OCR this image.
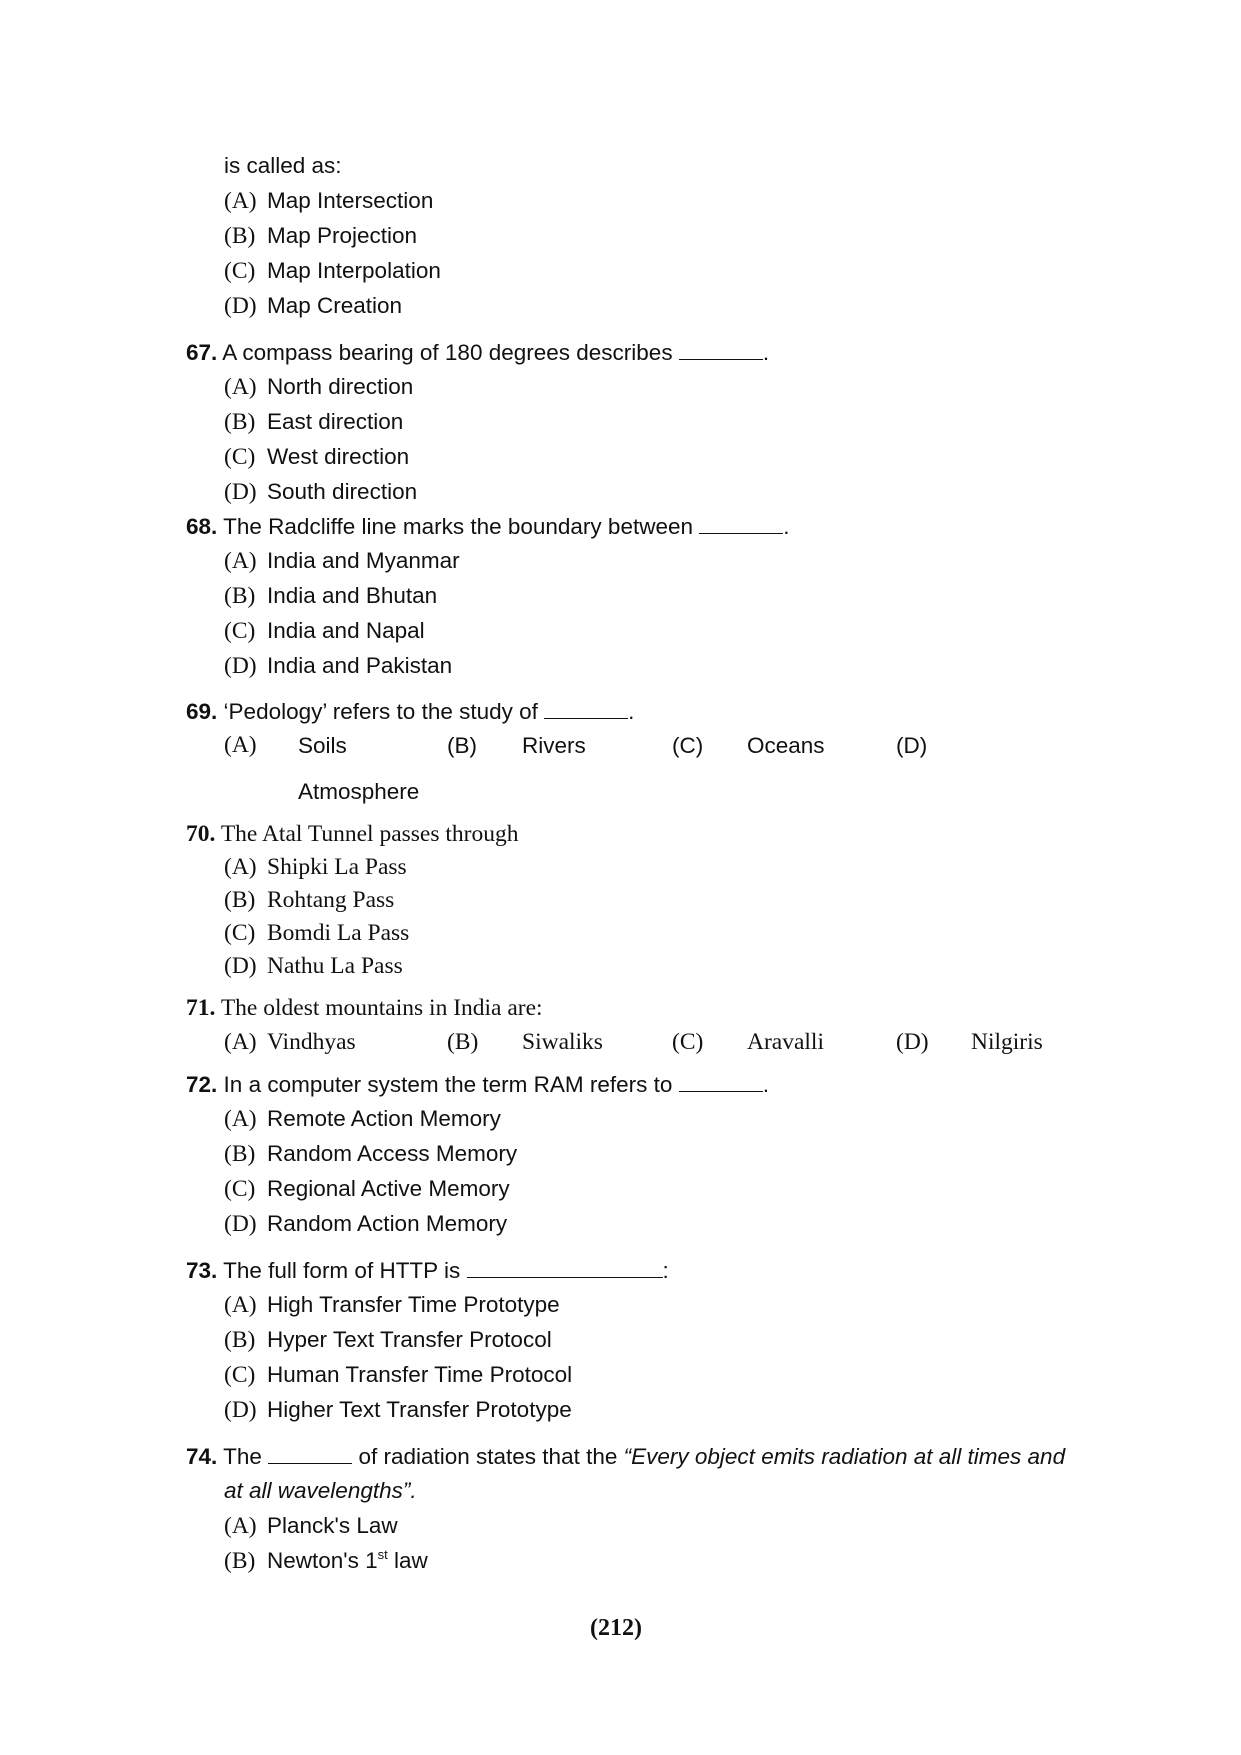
is called as:
(A) Map Intersection
(B) Map Projection
(C) Map Interpolation
(D) Map Creation
67. A compass bearing of 180 degrees describes	.
(A) North direction
(B) East direction
(C) West direction
(D) South direction
68. The Radcliffe line marks the boundary between	.
(A) India and Myanmar
(B) India and Bhutan
(C) India and Napal
(D) India and Pakistan
69. ‘Pedology’ refers to the study of	.
(A) Soils	(B) Rivers	(C) Oceans	(D)
Atmosphere
70. The Atal Tunnel passes through
(A) Shipki La Pass
(B) Rohtang Pass
(C) Bomdi La Pass
(D) Nathu La Pass
71. The oldest mountains in India are:
(A) Vindhyas	(B) Siwaliks	(C) Aravalli	(D) Nilgiris
72. In a computer system the term RAM refers to	.
(A) Remote Action Memory
(B) Random Access Memory
(C) Regional Active Memory
(D) Random Action Memory
73. The full form of HTTP is	:
(A) High Transfer Time Prototype
(B) Hyper Text Transfer Protocol
(C) Human Transfer Time Protocol
(D) Higher Text Transfer Prototype
74. The	of radiation states that the “Every object emits radiation at all times and
at all wavelengths”.
(A) Planck's Law
(B) Newton's 1st law
(212)
